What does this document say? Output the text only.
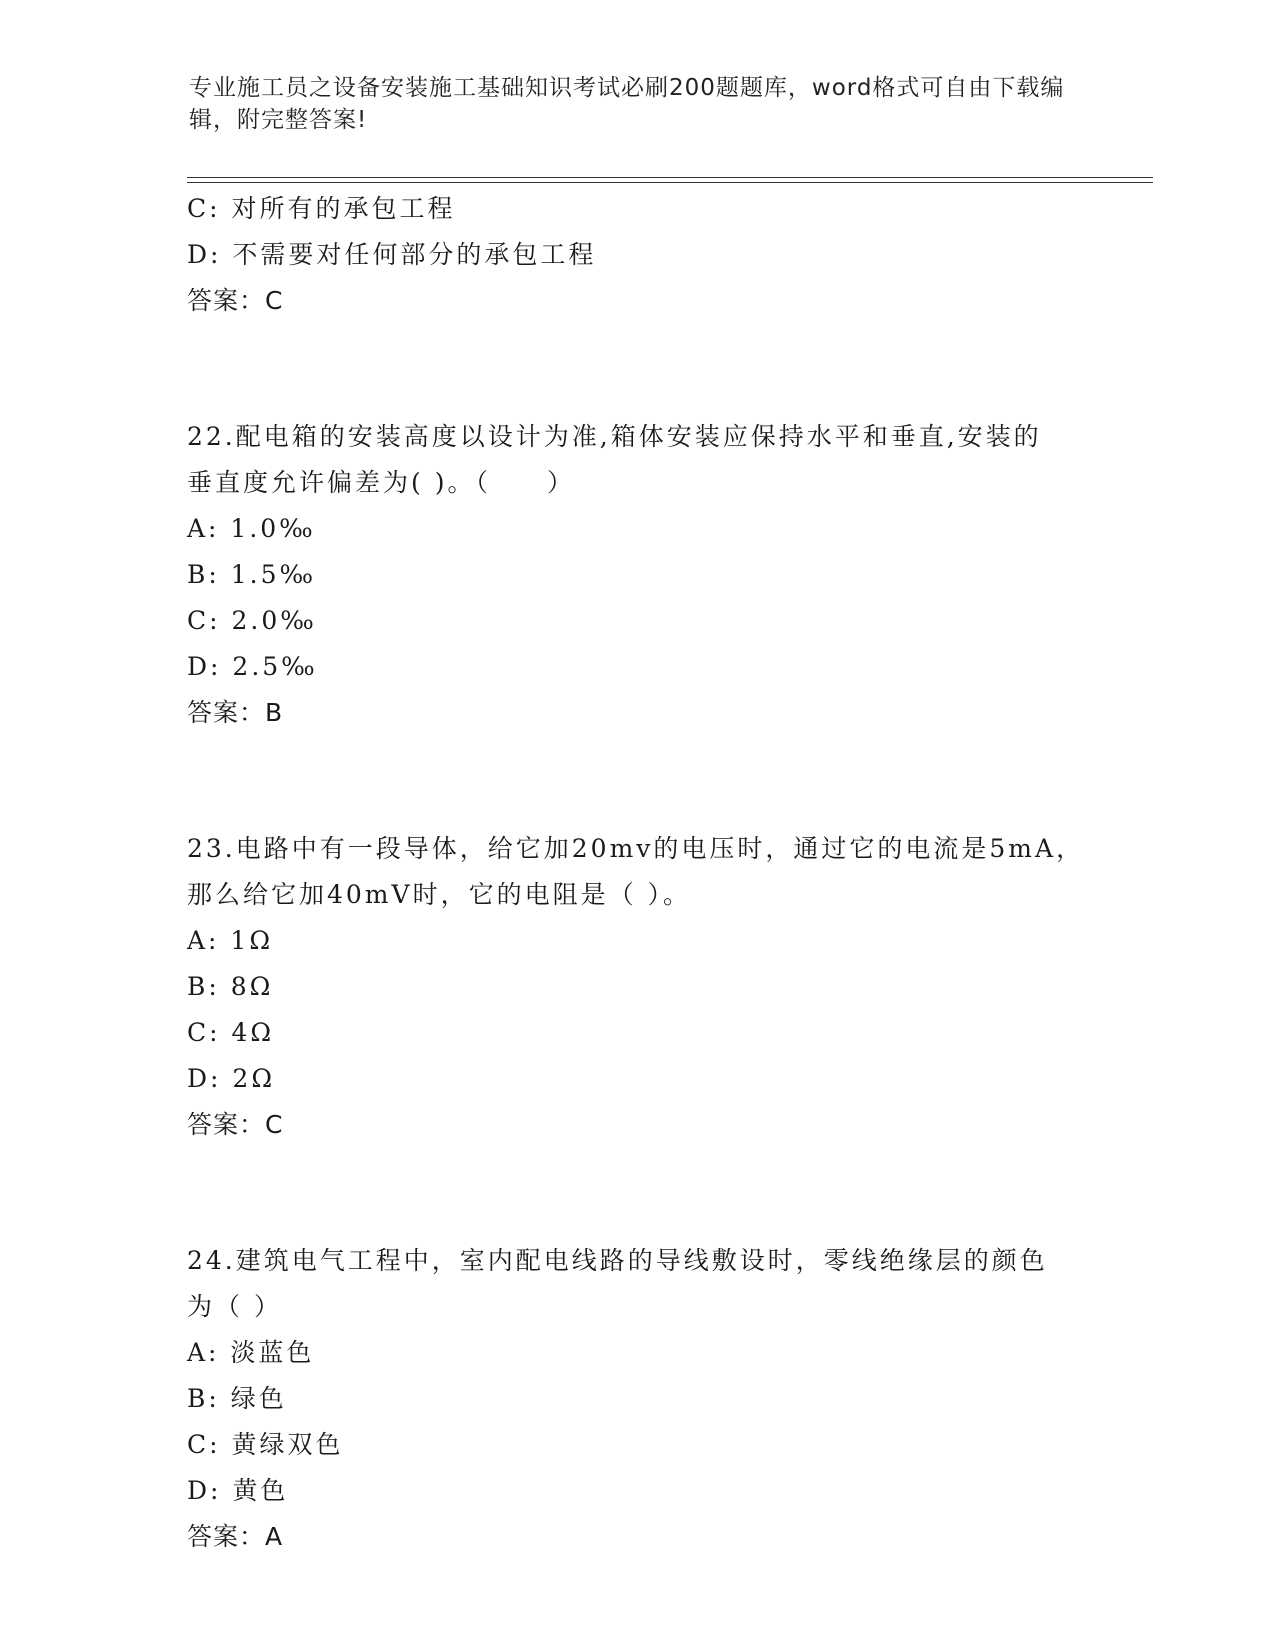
专业施工员之设备安装施工基础知识考试必刷200题题库，word格式可自由下载编辑，附完整答案!
C: 对所有的承包工程
D: 不需要对任何部分的承包工程
答案：C
22.配电箱的安装高度以设计为准,箱体安装应保持水平和垂直,安装的
垂直度允许偏差为( )。（　　）
A: 1.0‰
B: 1.5‰
C: 2.0‰
D: 2.5‰
答案：B
23.电路中有一段导体，给它加20mv的电压时，通过它的电流是5mA，
那么给它加40mV时，它的电阻是（ ）。
A: 1Ω
B: 8Ω
C: 4Ω
D: 2Ω
答案：C
24.建筑电气工程中，室内配电线路的导线敷设时，零线绝缘层的颜色
为（ ）
A: 淡蓝色
B: 绿色
C: 黄绿双色
D: 黄色
答案：A
